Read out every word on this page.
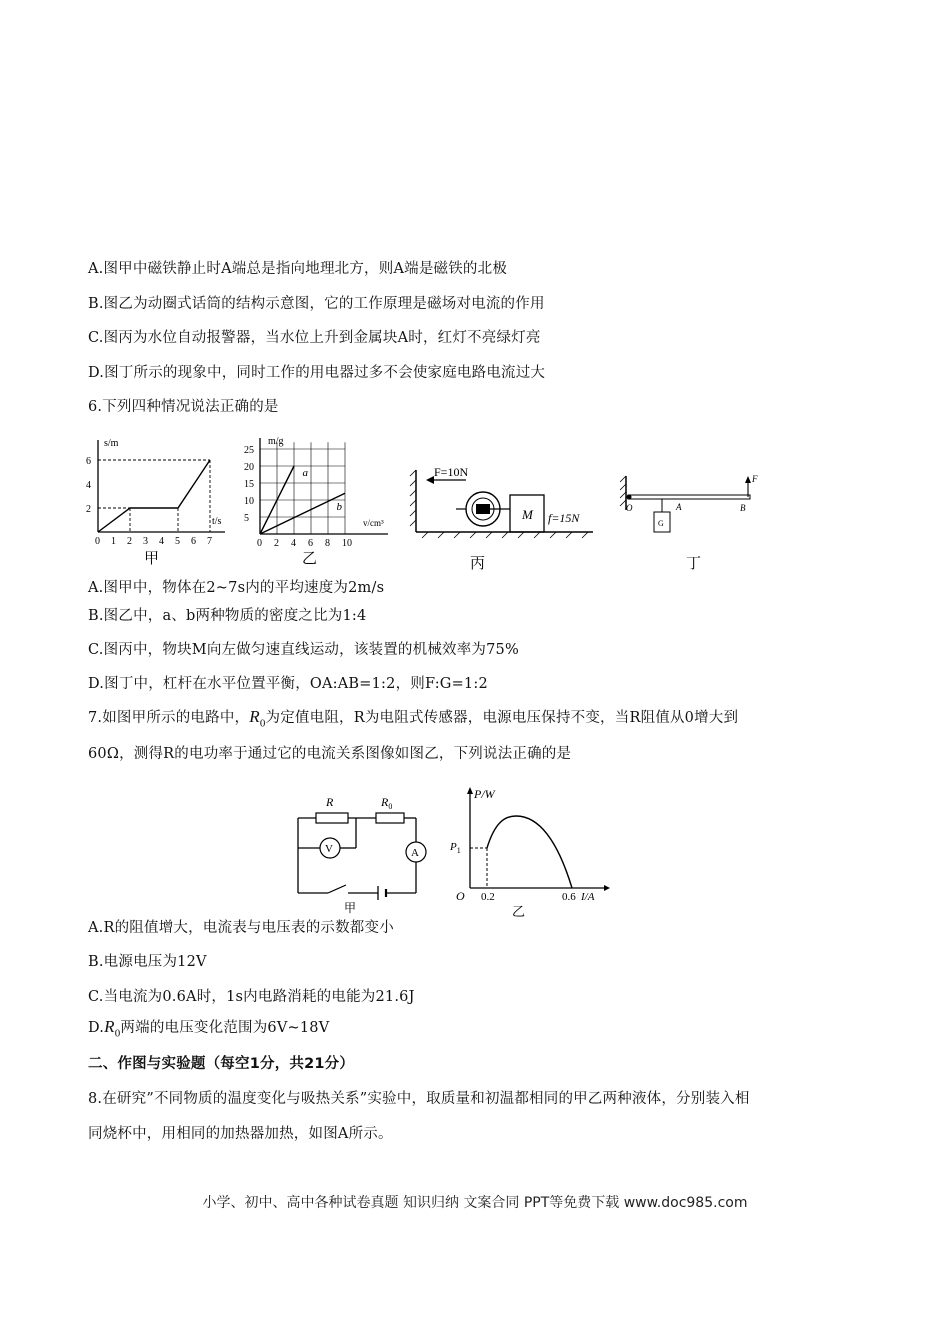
A.图甲中磁铁静止时A端总是指向地理北方，则A端是磁铁的北极
B.图乙为动圈式话筒的结构示意图，它的工作原理是磁场对电流的作用
C.图丙为水位自动报警器，当水位上升到金属块A时，红灯不亮绿灯亮
D.图丁所示的现象中，同时工作的用电器过多不会使家庭电路电流过大
6.下列四种情况说法正确的是
s/m
t/s
2
4
6
0 1 2 3 4 5 6 7
甲
m/g
v/cm³
5
10
15
20
25
0 2 4 6 8 10
a
b
乙
F=10N
M f=15N
丙
O	A	B
F
G
丁
A.图甲中，物体在2~7s内的平均速度为2m/s
B.图乙中，a、b两种物质的密度之比为1:4
C.图丙中，物块M向左做匀速直线运动，该装置的机械效率为75%
D.图丁中，杠杆在水平位置平衡，OA:AB=1:2，则F:G=1:2
7.如图甲所示的电路中，$R_0$为定值电阻，R为电阻式传感器，电源电压保持不变，当R阻值从0增大到
60Ω，测得R的电功率于通过它的电流关系图像如图乙，下列说法正确的是
R	$R_0$
V	A
甲
P/W
O
$P_1$
0.2	0.6 I/A
乙
A.R的阻值增大，电流表与电压表的示数都变小
B.电源电压为12V
C.当电流为0.6A时，1s内电路消耗的电能为21.6J
$D.R_0$两端的电压变化范围为6V~18V
二、作图与实验题（每空1分，共21分）
8.在研究”不同物质的温度变化与吸热关系”实验中，取质量和初温都相同的甲乙两种液体，分别装入相
同烧杯中，用相同的加热器加热，如图A所示。
小学、初中、高中各种试卷真题 知识归纳 文案合同 PPT等免费下载 www.doc985.com
